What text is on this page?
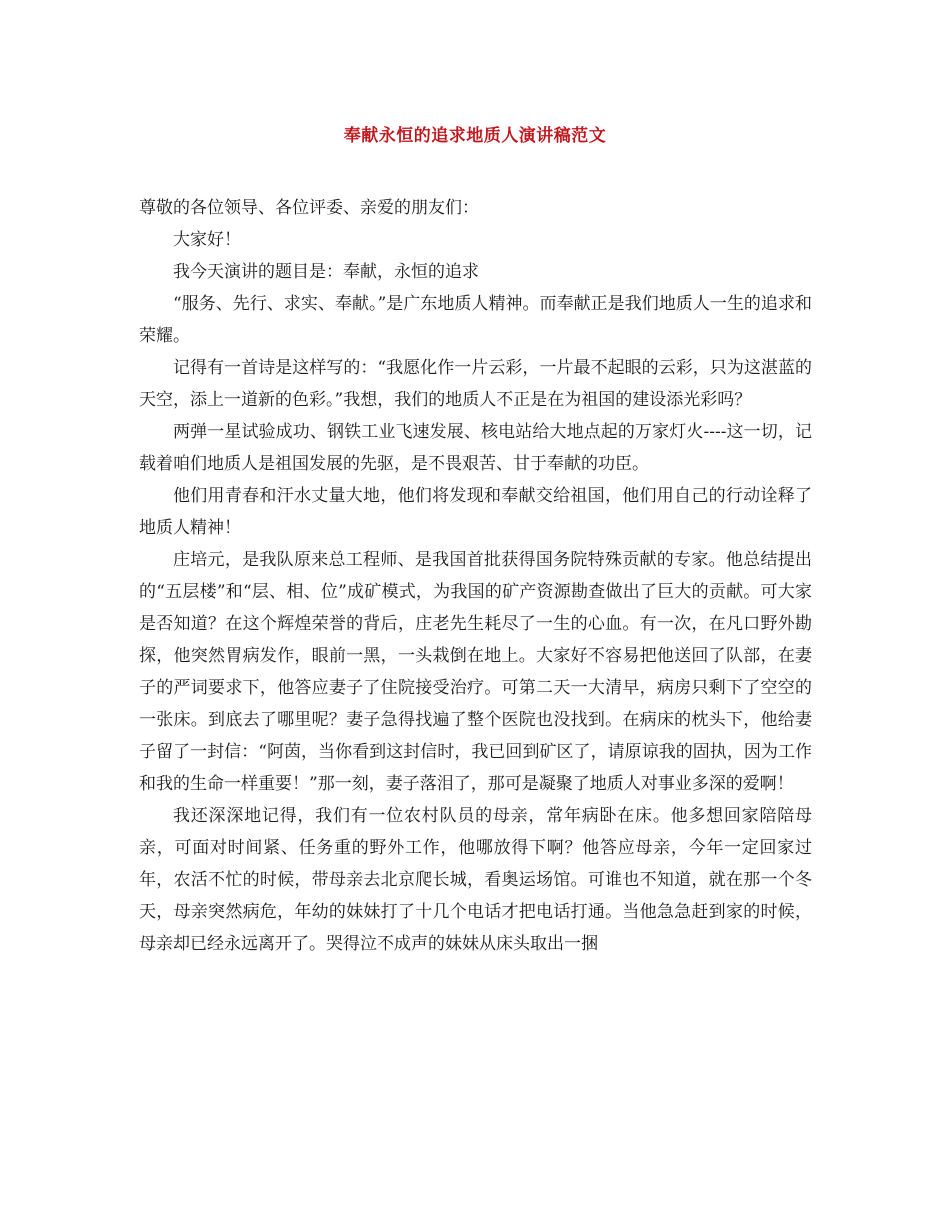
奉献永恒的追求地质人演讲稿范文

尊敬的各位领导、各位评委、亲爱的朋友们：

大家好！

我今天演讲的题目是：奉献，永恒的追求

“服务、先行、求实、奉献。”是广东地质人精神。而奉献正是我们地质人一生的追求和荣耀。

记得有一首诗是这样写的：“我愿化作一片云彩，一片最不起眼的云彩，只为这湛蓝的天空，添上一道新的色彩。”我想，我们的地质人不正是在为祖国的建设添光彩吗？

两弹一星试验成功、钢铁工业飞速发展、核电站给大地点起的万家灯火----这一切，记载着咱们地质人是祖国发展的先驱，是不畏艰苦、甘于奉献的功臣。

他们用青春和汗水丈量大地，他们将发现和奉献交给祖国，他们用自己的行动诠释了地质人精神！

庄培元，是我队原来总工程师、是我国首批获得国务院特殊贡献的专家。他总结提出的“五层楼”和“层、相、位”成矿模式，为我国的矿产资源勘查做出了巨大的贡献。可大家是否知道？在这个辉煌荣誉的背后，庄老先生耗尽了一生的心血。有一次，在凡口野外勘探，他突然胃病发作，眼前一黑，一头栽倒在地上。大家好不容易把他送回了队部，在妻子的严词要求下，他答应妻子了住院接受治疗。可第二天一大清早，病房只剩下了空空的一张床。到底去了哪里呢？妻子急得找遍了整个医院也没找到。在病床的枕头下，他给妻子留了一封信：“阿茵，当你看到这封信时，我已回到矿区了，请原谅我的固执，因为工作和我的生命一样重要！”那一刻，妻子落泪了，那可是凝聚了地质人对事业多深的爱啊！

我还深深地记得，我们有一位农村队员的母亲，常年病卧在床。他多想回家陪陪母亲，可面对时间紧、任务重的野外工作，他哪放得下啊？他答应母亲，今年一定回家过年，农活不忙的时候，带母亲去北京爬长城，看奥运场馆。可谁也不知道，就在那一个冬天，母亲突然病危，年幼的妹妹打了十几个电话才把电话打通。当他急急赶到家的时候，母亲却已经永远离开了。哭得泣不成声的妹妹从床头取出一捆
